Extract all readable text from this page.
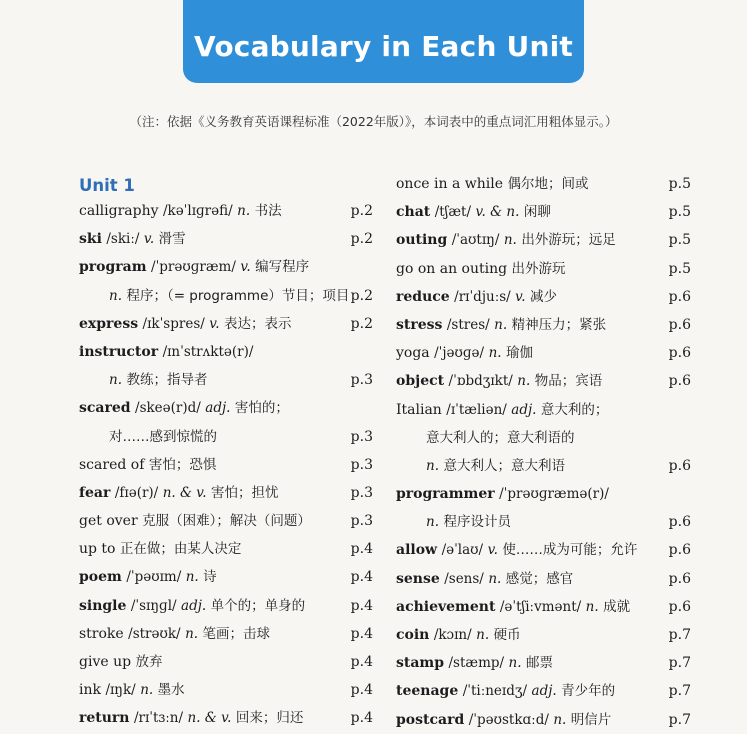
Vocabulary in Each Unit
（注：依据《义务教育英语课程标准（2022年版）》，本词表中的重点词汇用粗体显示。）
Unit 1
calligraphy /kəˈlɪɡrəfi/ n. 书法	p.2
ski /skiː/ v. 滑雪	p.2
program /ˈprəʊɡræm/ v. 编写程序
n. 程序；（= programme）节目；项目 p.2
express /ɪkˈspres/ v. 表达；表示	p.2
instructor /ɪnˈstrʌktə(r)/
n. 教练；指导者	p.3
scared /skeə(r)d/ adj. 害怕的；
对……感到惊慌的	p.3
scared of 害怕；恐惧	p.3
fear /fɪə(r)/ n. & v. 害怕；担忧	p.3
get over 克服（困难）；解决（问题）	p.3
up to 正在做；由某人决定	p.4
poem /ˈpəʊɪm/ n. 诗	p.4
single /ˈsɪŋɡl/ adj. 单个的；单身的	p.4
stroke /strəʊk/ n. 笔画；击球	p.4
give up 放弃	p.4
ink /ɪŋk/ n. 墨水	p.4
return /rɪˈtɜːn/ n. & v. 回来；归还	p.4
once in a while 偶尔地；间或	p.5
chat /tʃæt/ v. & n. 闲聊	p.5
outing /ˈaʊtɪŋ/ n. 出外游玩；远足	p.5
go on an outing 出外游玩	p.5
reduce /rɪˈdjuːs/ v. 减少	p.6
stress /stres/ n. 精神压力；紧张	p.6
yoga /ˈjəʊɡə/ n. 瑜伽	p.6
object /ˈɒbdʒɪkt/ n. 物品；宾语	p.6
Italian /ɪˈtæliən/ adj. 意大利的；
意大利人的；意大利语的
n. 意大利人；意大利语	p.6
programmer /ˈprəʊɡræmə(r)/
n. 程序设计员	p.6
allow /əˈlaʊ/ v. 使……成为可能；允许 p.6
sense /sens/ n. 感觉；感官	p.6
achievement /əˈtʃiːvmənt/ n. 成就	p.6
coin /kɔɪn/ n. 硬币	p.7
stamp /stæmp/ n. 邮票	p.7
teenage /ˈtiːneɪdʒ/ adj. 青少年的	p.7
postcard /ˈpəʊstkɑːd/ n. 明信片	p.7
